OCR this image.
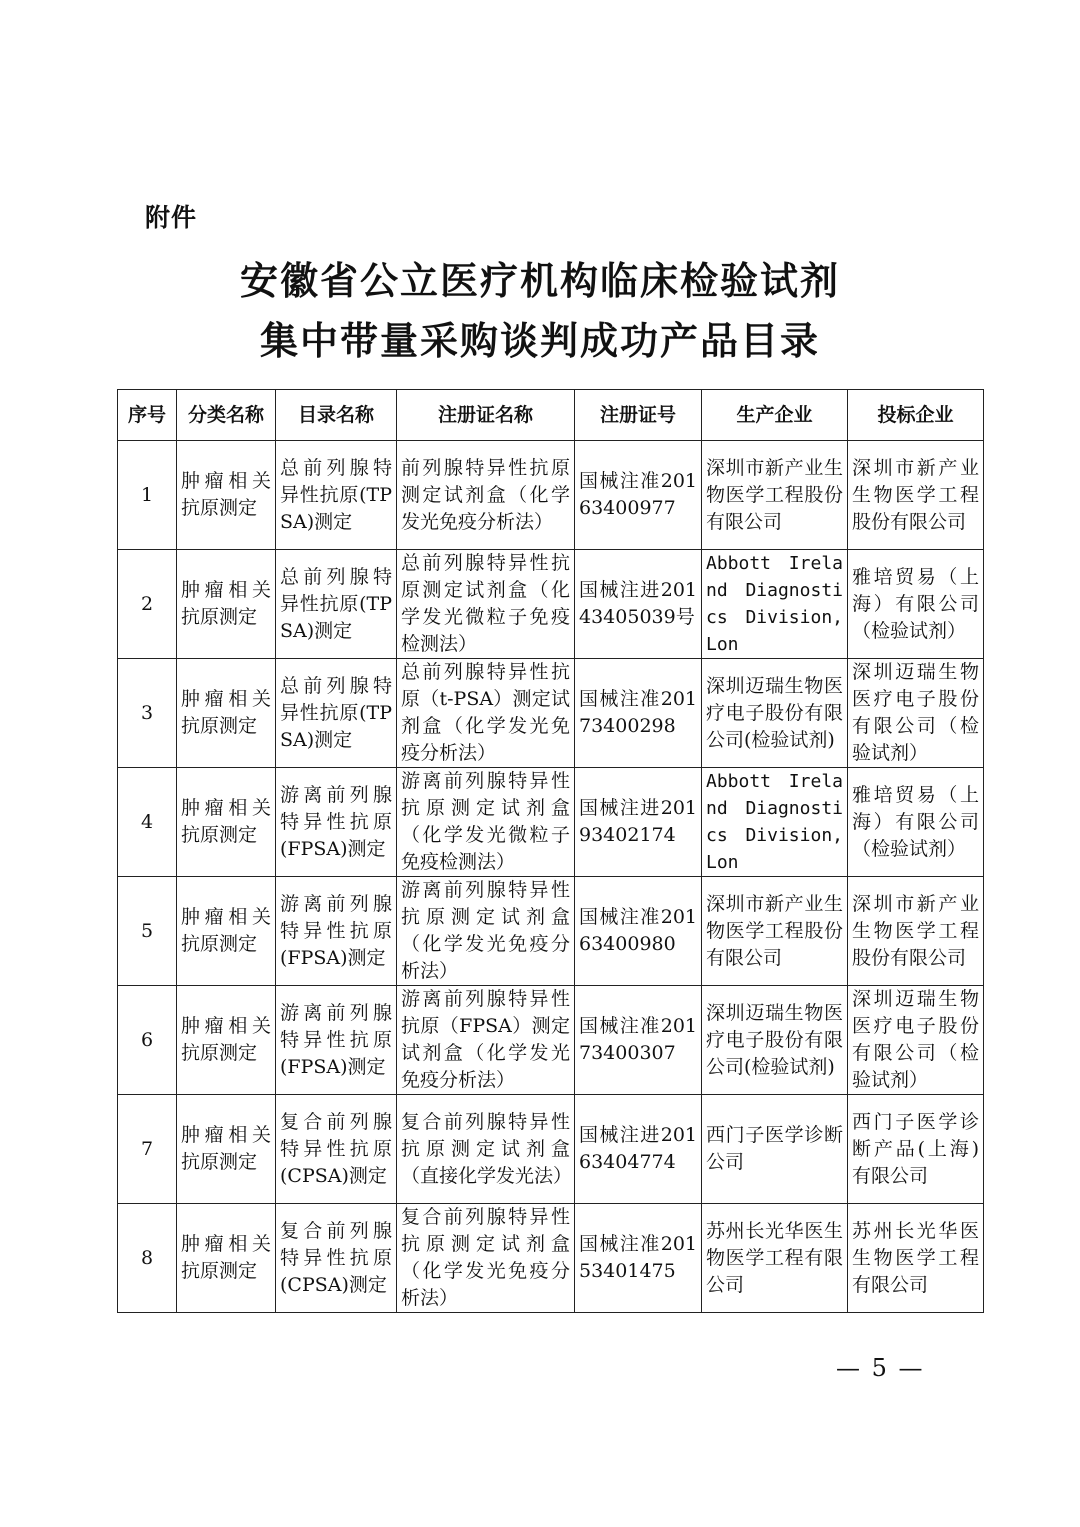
附件
安徽省公立医疗机构临床检验试剂
集中带量采购谈判成功产品目录
序号	分类名称	目录名称	注册证名称	注册证号	生产企业	投标企业
1	肿瘤相关抗原测定	总前列腺特异性抗原(TPSA)测定	前列腺特异性抗原测定试剂盒（化学发光免疫分析法）	国械注准20163400977	深圳市新产业生物医学工程股份有限公司	深圳市新产业生物医学工程股份有限公司
2	肿瘤相关抗原测定	总前列腺特异性抗原(TPSA)测定	总前列腺特异性抗原测定试剂盒（化学发光微粒子免疫检测法）	国械注进20143405039号	Abbott Ireland Diagnostics Division, Lon	雅培贸易（上海）有限公司（检验试剂）
3	肿瘤相关抗原测定	总前列腺特异性抗原(TPSA)测定	总前列腺特异性抗原（t-PSA）测定试剂盒（化学发光免疫分析法）	国械注准20173400298	深圳迈瑞生物医疗电子股份有限公司(检验试剂)	深圳迈瑞生物医疗电子股份有限公司（检验试剂）
4	肿瘤相关抗原测定	游离前列腺特异性抗原(FPSA)测定	游离前列腺特异性抗原测定试剂盒（化学发光微粒子免疫检测法）	国械注进20193402174	Abbott Ireland Diagnostics Division, Lon	雅培贸易（上海）有限公司（检验试剂）
5	肿瘤相关抗原测定	游离前列腺特异性抗原(FPSA)测定	游离前列腺特异性抗原测定试剂盒（化学发光免疫分析法）	国械注准20163400980	深圳市新产业生物医学工程股份有限公司	深圳市新产业生物医学工程股份有限公司
6	肿瘤相关抗原测定	游离前列腺特异性抗原(FPSA)测定	游离前列腺特异性抗原（FPSA）测定试剂盒（化学发光免疫分析法）	国械注准20173400307	深圳迈瑞生物医疗电子股份有限公司(检验试剂)	深圳迈瑞生物医疗电子股份有限公司（检验试剂）
7	肿瘤相关抗原测定	复合前列腺特异性抗原(CPSA)测定	复合前列腺特异性抗原测定试剂盒（直接化学发光法）	国械注进20163404774	西门子医学诊断公司	西门子医学诊断产品(上海)有限公司
8	肿瘤相关抗原测定	复合前列腺特异性抗原(CPSA)测定	复合前列腺特异性抗原测定试剂盒（化学发光免疫分析法）	国械注准20153401475	苏州长光华医生物医学工程有限公司	苏州长光华医生物医学工程有限公司
— 5 —
